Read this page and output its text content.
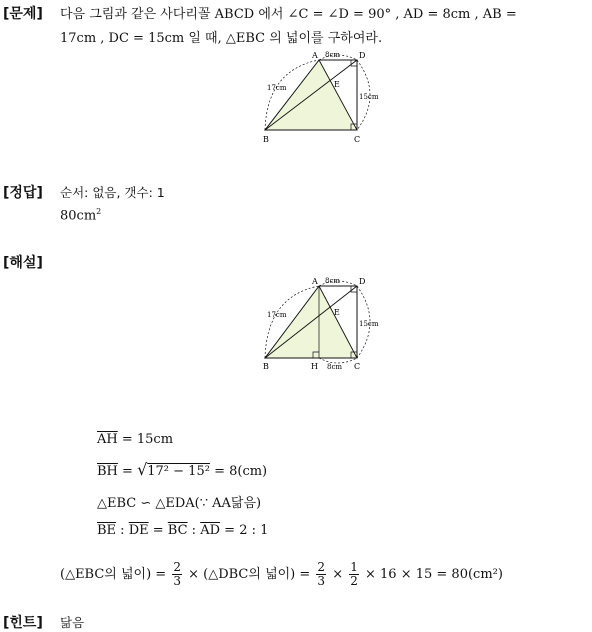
[문제] 다음 그림과 같은 사다리꼴 ABCD 에서 ∠C = ∠D = 90° , AD = 8cm , AB =
17cm , DC = 15cm 일 때, △EBC 의 넓이를 구하여라.
A	D
B	C
E
8cm
17cm
15cm
[정답] 순서: 없음, 갯수: 1
$80cm^2$
[해설]
A	D
B	C
H
E
8cm
17cm
15cm
8cm
$\overline{AH} = 15cm$
$\overline{BH} = √17^2 - 15^2 = 8(cm)$
△EBC ∽ △EDA(∵ AA닮음)
$\overline{BE}$ : $\overline{DE} = \overline{BC}$ : $\overline{AD} = 2$ : 1
(△EBC의 넓이) = $\frac{2}{3}$ × (△DBC의 넓이) = $\frac{2}{3} \times \frac{1}{2} \times 16 \times 15 = 80(cm^2)$
[힌트] 닮음
